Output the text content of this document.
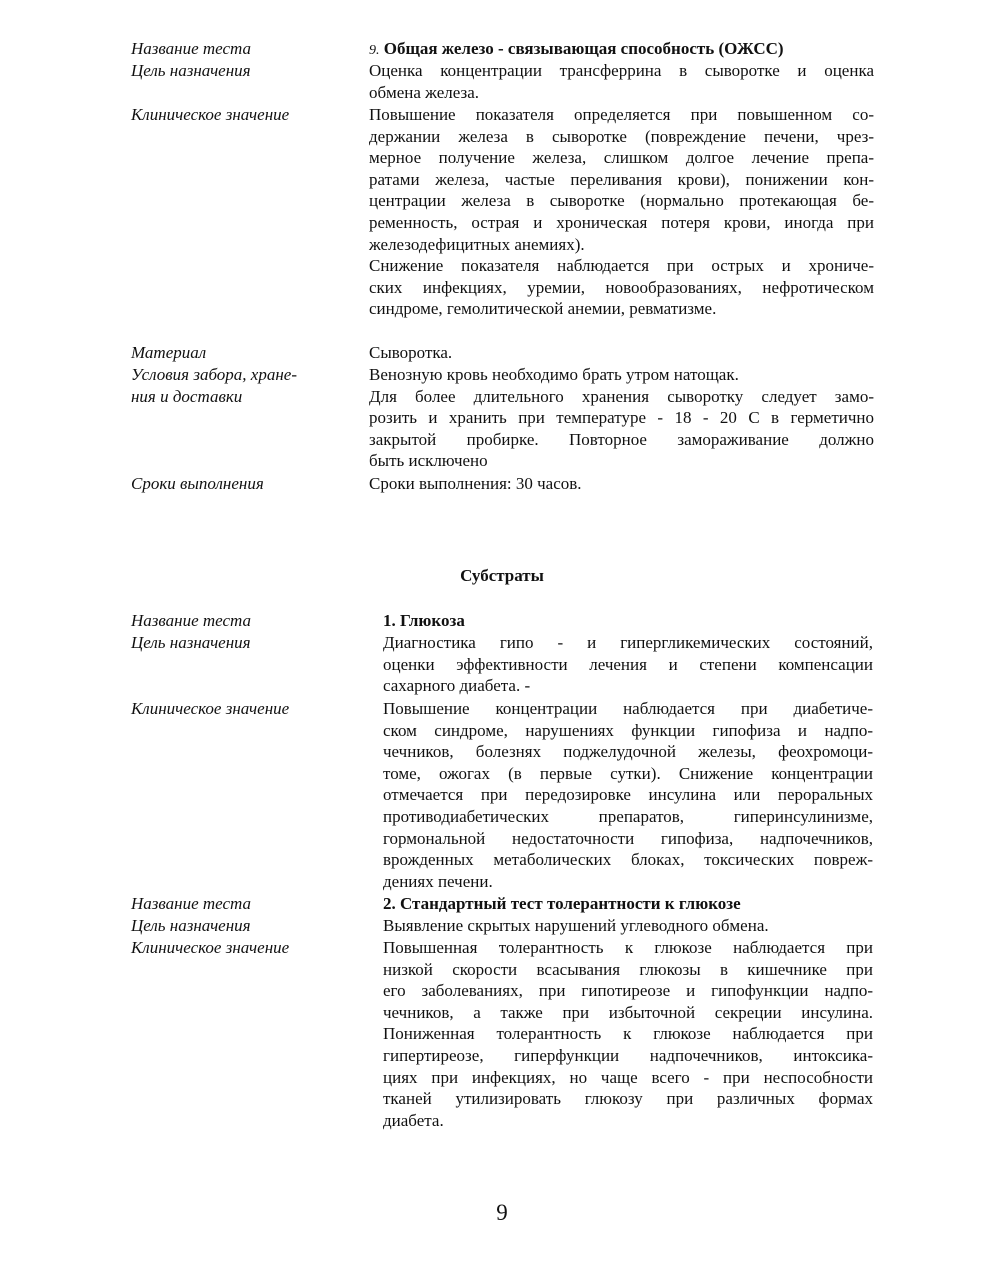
Название теста
Цель назначения
Клиническое значение
Материал
Условия забора, хране-
ния и доставки
Сроки выполнения
9. Общая железо - связывающая способность (ОЖСС)
Оценка концентрации трансферрина в сыворотке и оценка
обмена железа.
Повышение показателя определяется при повышенном со-
держании железа в сыворотке (повреждение печени, чрез-
мерное получение железа, слишком долгое лечение препа-
ратами железа, частые переливания крови), понижении кон-
центрации железа в сыворотке (нормально протекающая бе-
ременность, острая и хроническая потеря крови, иногда при
железодефицитных анемиях).
Снижение показателя наблюдается при острых и хрониче-
ских инфекциях, уремии, новообразованиях, нефротическом
синдроме, гемолитической анемии, ревматизме.
Сыворотка.
Венозную кровь необходимо брать утром натощак.
Для более длительного хранения сыворотку следует замо-
розить и хранить при температуре - 18 - 20 С в герметично
закрытой пробирке. Повторное замораживание должно
быть исключено
Сроки выполнения: 30 часов.
Субстраты
Название теста
Цель назначения
Клиническое значение
1. Глюкоза
Диагностика гипо - и гипергликемических состояний,
оценки эффективности лечения и степени компенсации
сахарного диабета. -
Повышение концентрации наблюдается при диабетиче-
ском синдроме, нарушениях функции гипофиза и надпо-
чечников, болезнях поджелудочной железы, феохромоци-
томе, ожогах (в первые сутки). Снижение концентрации
отмечается при передозировке инсулина или пероральных
противодиабетических препаратов, гиперинсулинизме,
гормональной недостаточности гипофиза, надпочечников,
врожденных метаболических блоках, токсических повреж-
дениях печени.
Название теста
Цель назначения
Клиническое значение
2. Стандартный тест толерантности к глюкозе
Выявление скрытых нарушений углеводного обмена.
Повышенная толерантность к глюкозе наблюдается при
низкой скорости всасывания глюкозы в кишечнике при
его заболеваниях, при гипотиреозе и гипофункции надпо-
чечников, а также при избыточной секреции инсулина.
Пониженная толерантность к глюкозе наблюдается при
гипертиреозе, гиперфункции надпочечников, интоксика-
циях при инфекциях, но чаще всего - при неспособности
тканей утилизировать глюкозу при различных формах
диабета.
9
